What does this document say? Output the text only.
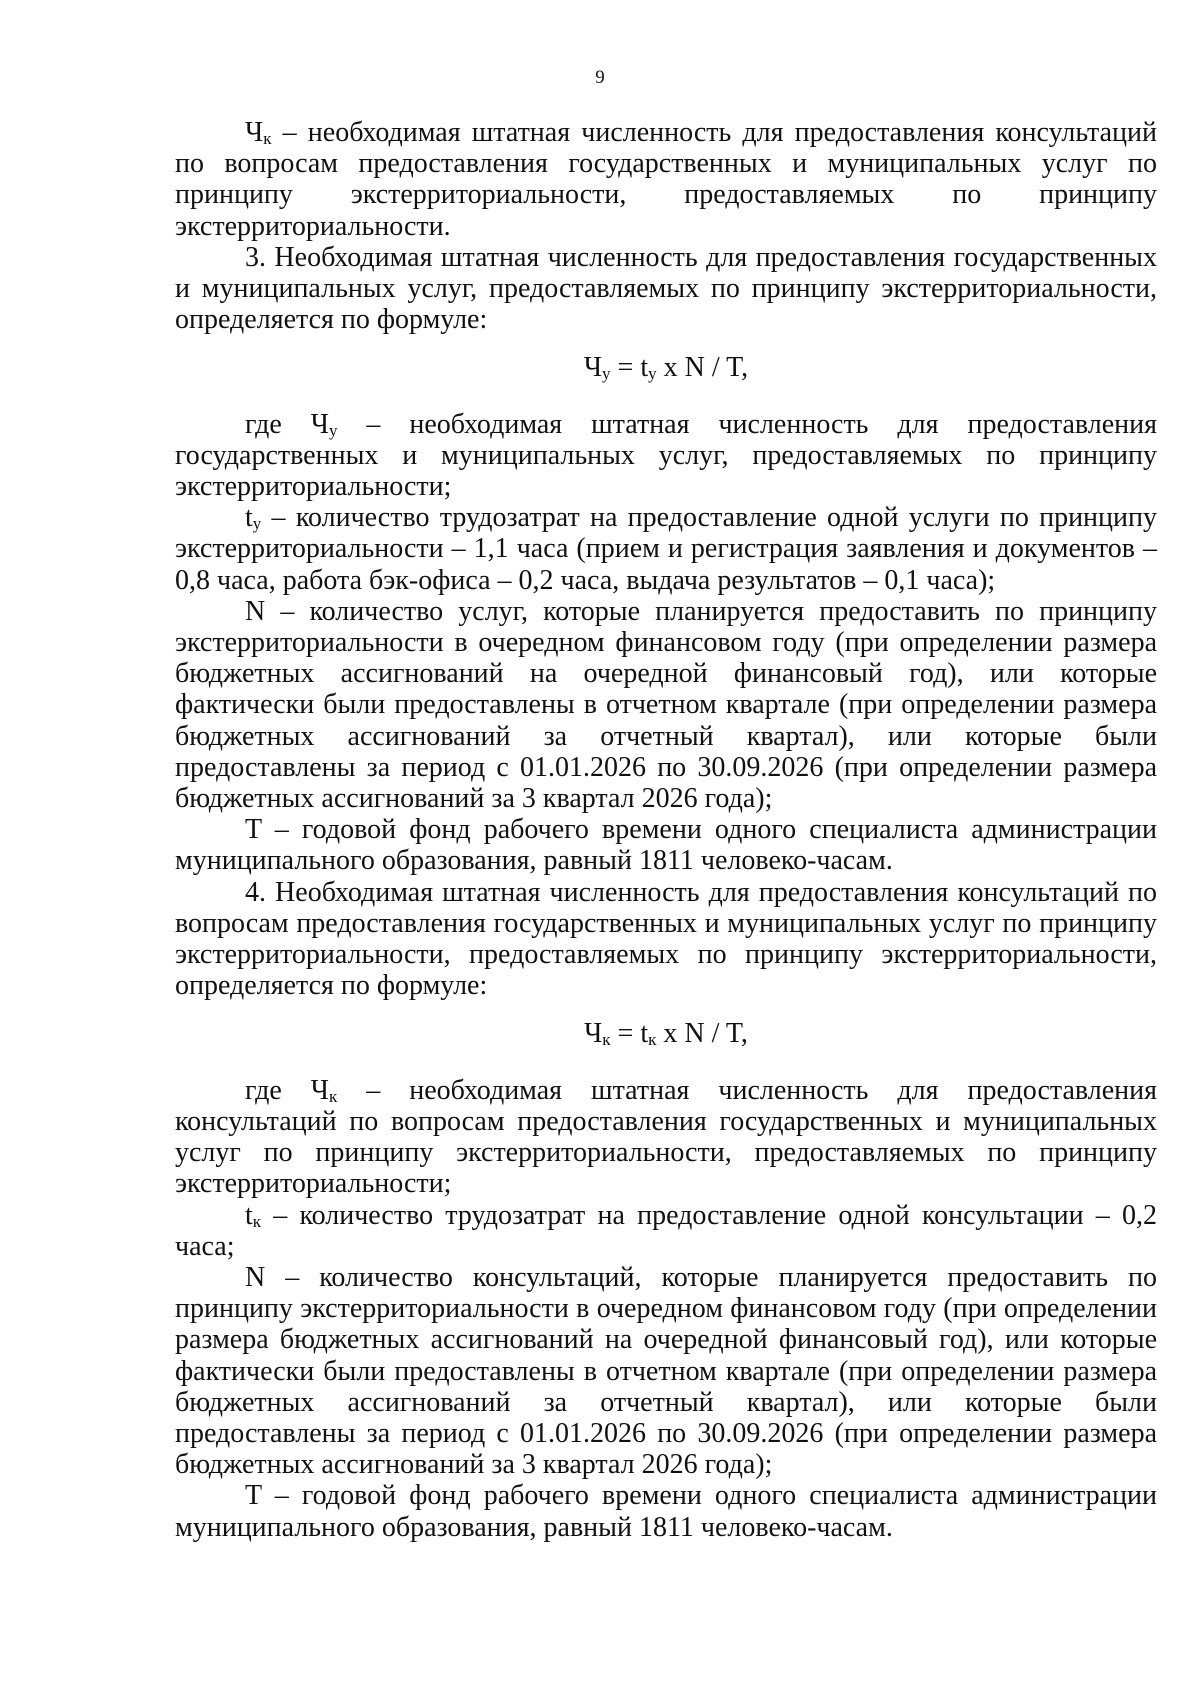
9

$Ч_к$ – необходимая штатная численность для предоставления консультаций по вопросам предоставления государственных и муниципальных услуг по принципу экстерриториальности, предоставляемых по принципу экстерриториальности.

3. Необходимая штатная численность для предоставления государственных и муниципальных услуг, предоставляемых по принципу экстерриториальности, определяется по формуле:

$Ч_у = t_у$ x N / T,

где $Ч_у$ – необходимая штатная численность для предоставления государственных и муниципальных услуг, предоставляемых по принципу экстерриториальности;

$t_у$ – количество трудозатрат на предоставление одной услуги по принципу экстерриториальности – 1,1 часа (прием и регистрация заявления и документов – 0,8 часа, работа бэк-офиса – 0,2 часа, выдача результатов – 0,1 часа);

N – количество услуг, которые планируется предоставить по принципу экстерриториальности в очередном финансовом году (при определении размера бюджетных ассигнований на очередной финансовый год), или которые фактически были предоставлены в отчетном квартале (при определении размера бюджетных ассигнований за отчетный квартал), или которые были предоставлены за период с 01.01.2026 по 30.09.2026 (при определении размера бюджетных ассигнований за 3 квартал 2026 года);

T – годовой фонд рабочего времени одного специалиста администрации муниципального образования, равный 1811 человеко-часам.

4. Необходимая штатная численность для предоставления консультаций по вопросам предоставления государственных и муниципальных услуг по принципу экстерриториальности, предоставляемых по принципу экстерриториальности, определяется по формуле:

$Ч_к = t_к$ x N / T,

где $Ч_к$ – необходимая штатная численность для предоставления консультаций по вопросам предоставления государственных и муниципальных услуг по принципу экстерриториальности, предоставляемых по принципу экстерриториальности;

$t_к$ – количество трудозатрат на предоставление одной консультации – 0,2 часа;

N – количество консультаций, которые планируется предоставить по принципу экстерриториальности в очередном финансовом году (при определении размера бюджетных ассигнований на очередной финансовый год), или которые фактически были предоставлены в отчетном квартале (при определении размера бюджетных ассигнований за отчетный квартал), или которые были предоставлены за период с 01.01.2026 по 30.09.2026 (при определении размера бюджетных ассигнований за 3 квартал 2026 года);

T – годовой фонд рабочего времени одного специалиста администрации муниципального образования, равный 1811 человеко-часам.
